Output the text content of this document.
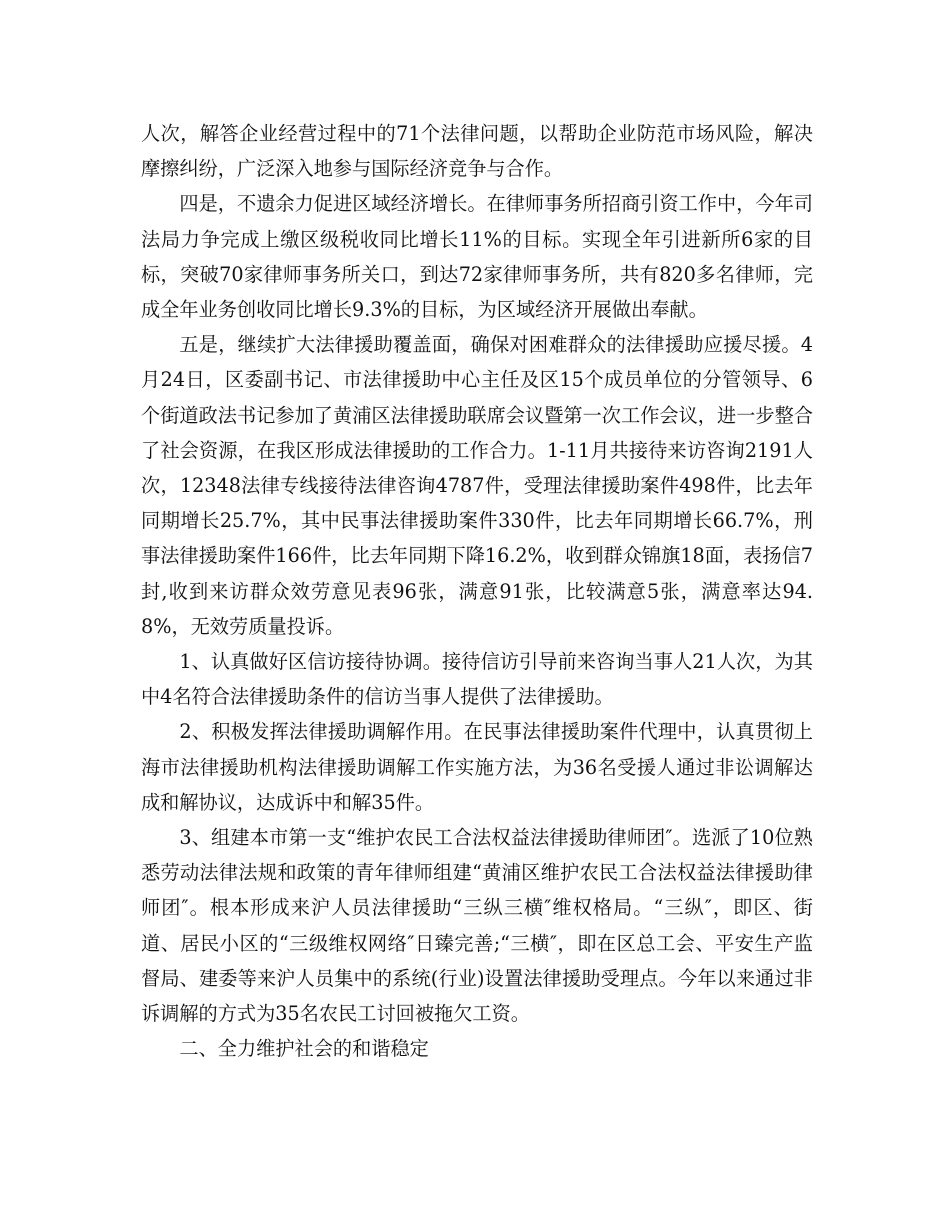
人次，解答企业经营过程中的71个法律问题，以帮助企业防范市场风险，解决摩擦纠纷，广泛深入地参与国际经济竞争与合作。

四是，不遗余力促进区域经济增长。在律师事务所招商引资工作中，今年司法局力争完成上缴区级税收同比增长11%的目标。实现全年引进新所6家的目标，突破70家律师事务所关口，到达72家律师事务所，共有820多名律师，完成全年业务创收同比增长9.3%的目标，为区域经济开展做出奉献。

五是，继续扩大法律援助覆盖面，确保对困难群众的法律援助应援尽援。4月24日，区委副书记、市法律援助中心主任及区15个成员单位的分管领导、6个街道政法书记参加了黄浦区法律援助联席会议暨第一次工作会议，进一步整合了社会资源，在我区形成法律援助的工作合力。1-11月共接待来访咨询2191人次，12348法律专线接待法律咨询4787件，受理法律援助案件498件，比去年同期增长25.7%，其中民事法律援助案件330件，比去年同期增长66.7%，刑事法律援助案件166件，比去年同期下降16.2%，收到群众锦旗18面，表扬信7封,收到来访群众效劳意见表96张，满意91张，比较满意5张，满意率达94.8%，无效劳质量投诉。

1、认真做好区信访接待协调。接待信访引导前来咨询当事人21人次，为其中4名符合法律援助条件的信访当事人提供了法律援助。

2、积极发挥法律援助调解作用。在民事法律援助案件代理中，认真贯彻上海市法律援助机构法律援助调解工作实施方法，为36名受援人通过非讼调解达成和解协议，达成诉中和解35件。

3、组建本市第一支“维护农民工合法权益法律援助律师团″。选派了10位熟悉劳动法律法规和政策的青年律师组建“黄浦区维护农民工合法权益法律援助律师团″。根本形成来沪人员法律援助“三纵三横″维权格局。“三纵″，即区、街道、居民小区的“三级维权网络″日臻完善;“三横″，即在区总工会、平安生产监督局、建委等来沪人员集中的系统(行业)设置法律援助受理点。今年以来通过非诉调解的方式为35名农民工讨回被拖欠工资。

二、全力维护社会的和谐稳定
